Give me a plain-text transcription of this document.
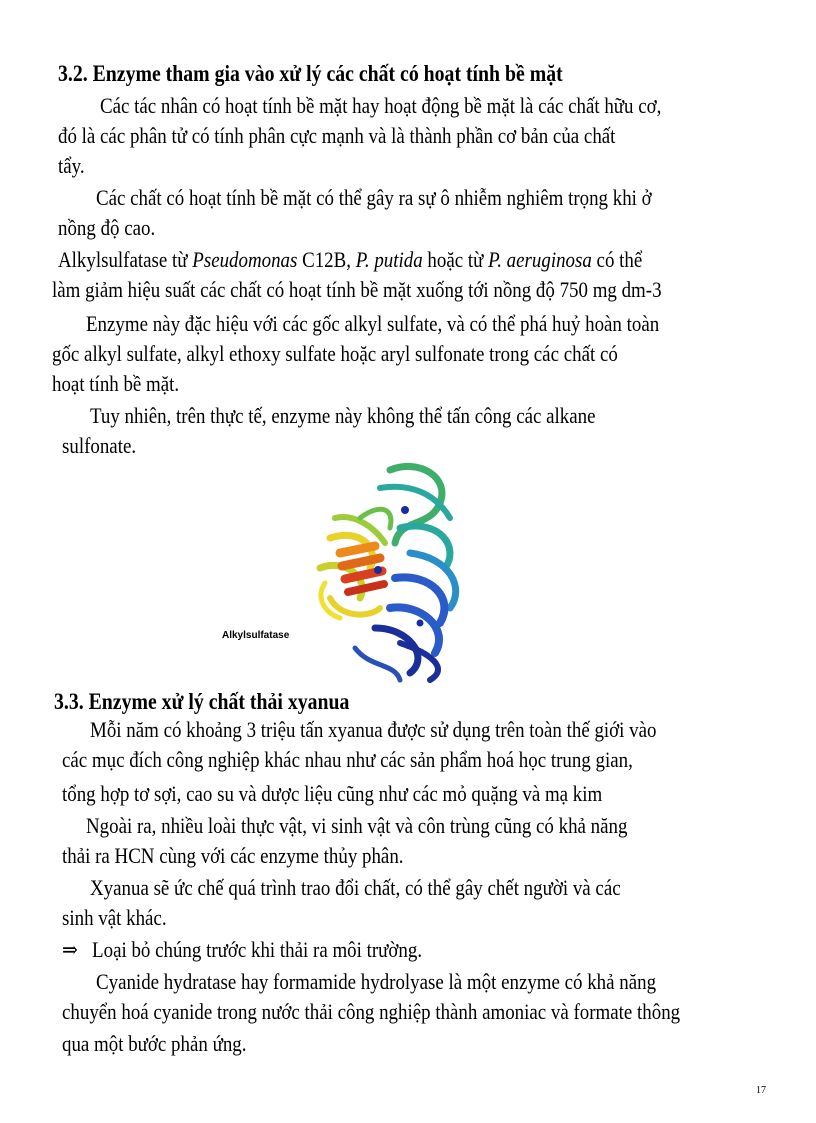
3.2. Enzyme tham gia vào xử lý các chất có hoạt tính bề mặt
Các tác nhân có hoạt tính bề mặt hay hoạt động bề mặt là các chất hữu cơ,
đó là các phân tử có tính phân cực mạnh và là thành phần cơ bản của chất
tẩy.
Các chất có hoạt tính bề mặt có thể gây ra sự ô nhiễm nghiêm trọng khi ở
nồng độ cao.
Alkylsulfatase từ Pseudomonas C12B, P. putida hoặc từ P. aeruginosa có thể
làm giảm hiệu suất các chất có hoạt tính bề mặt xuống tới nồng độ 750 mg dm-3
Enzyme này đặc hiệu với các gốc alkyl sulfate, và có thể phá huỷ hoàn toàn
gốc alkyl sulfate, alkyl ethoxy sulfate hoặc aryl sulfonate trong các chất có
hoạt tính bề mặt.
Tuy nhiên, trên thực tế, enzyme này không thể tấn công các alkane
sulfonate.
Alkylsulfatase
3.3. Enzyme xử lý chất thải xyanua
Mỗi năm có khoảng 3 triệu tấn xyanua được sử dụng trên toàn thế giới vào
các mục đích công nghiệp khác nhau như các sản phẩm hoá học trung gian,
tổng hợp tơ sợi, cao su và dược liệu cũng như các mỏ quặng và mạ kim
Ngoài ra, nhiều loài thực vật, vi sinh vật và côn trùng cũng có khả năng
thải ra HCN cùng với các enzyme thủy phân.
Xyanua sẽ ức chế quá trình trao đổi chất, có thể gây chết người và các
sinh vật khác.
⇒ Loại bỏ chúng trước khi thải ra môi trường.
Cyanide hydratase hay formamide hydrolyase là một enzyme có khả năng
chuyển hoá cyanide trong nước thải công nghiệp thành amoniac và formate thông
qua một bước phản ứng.
17
